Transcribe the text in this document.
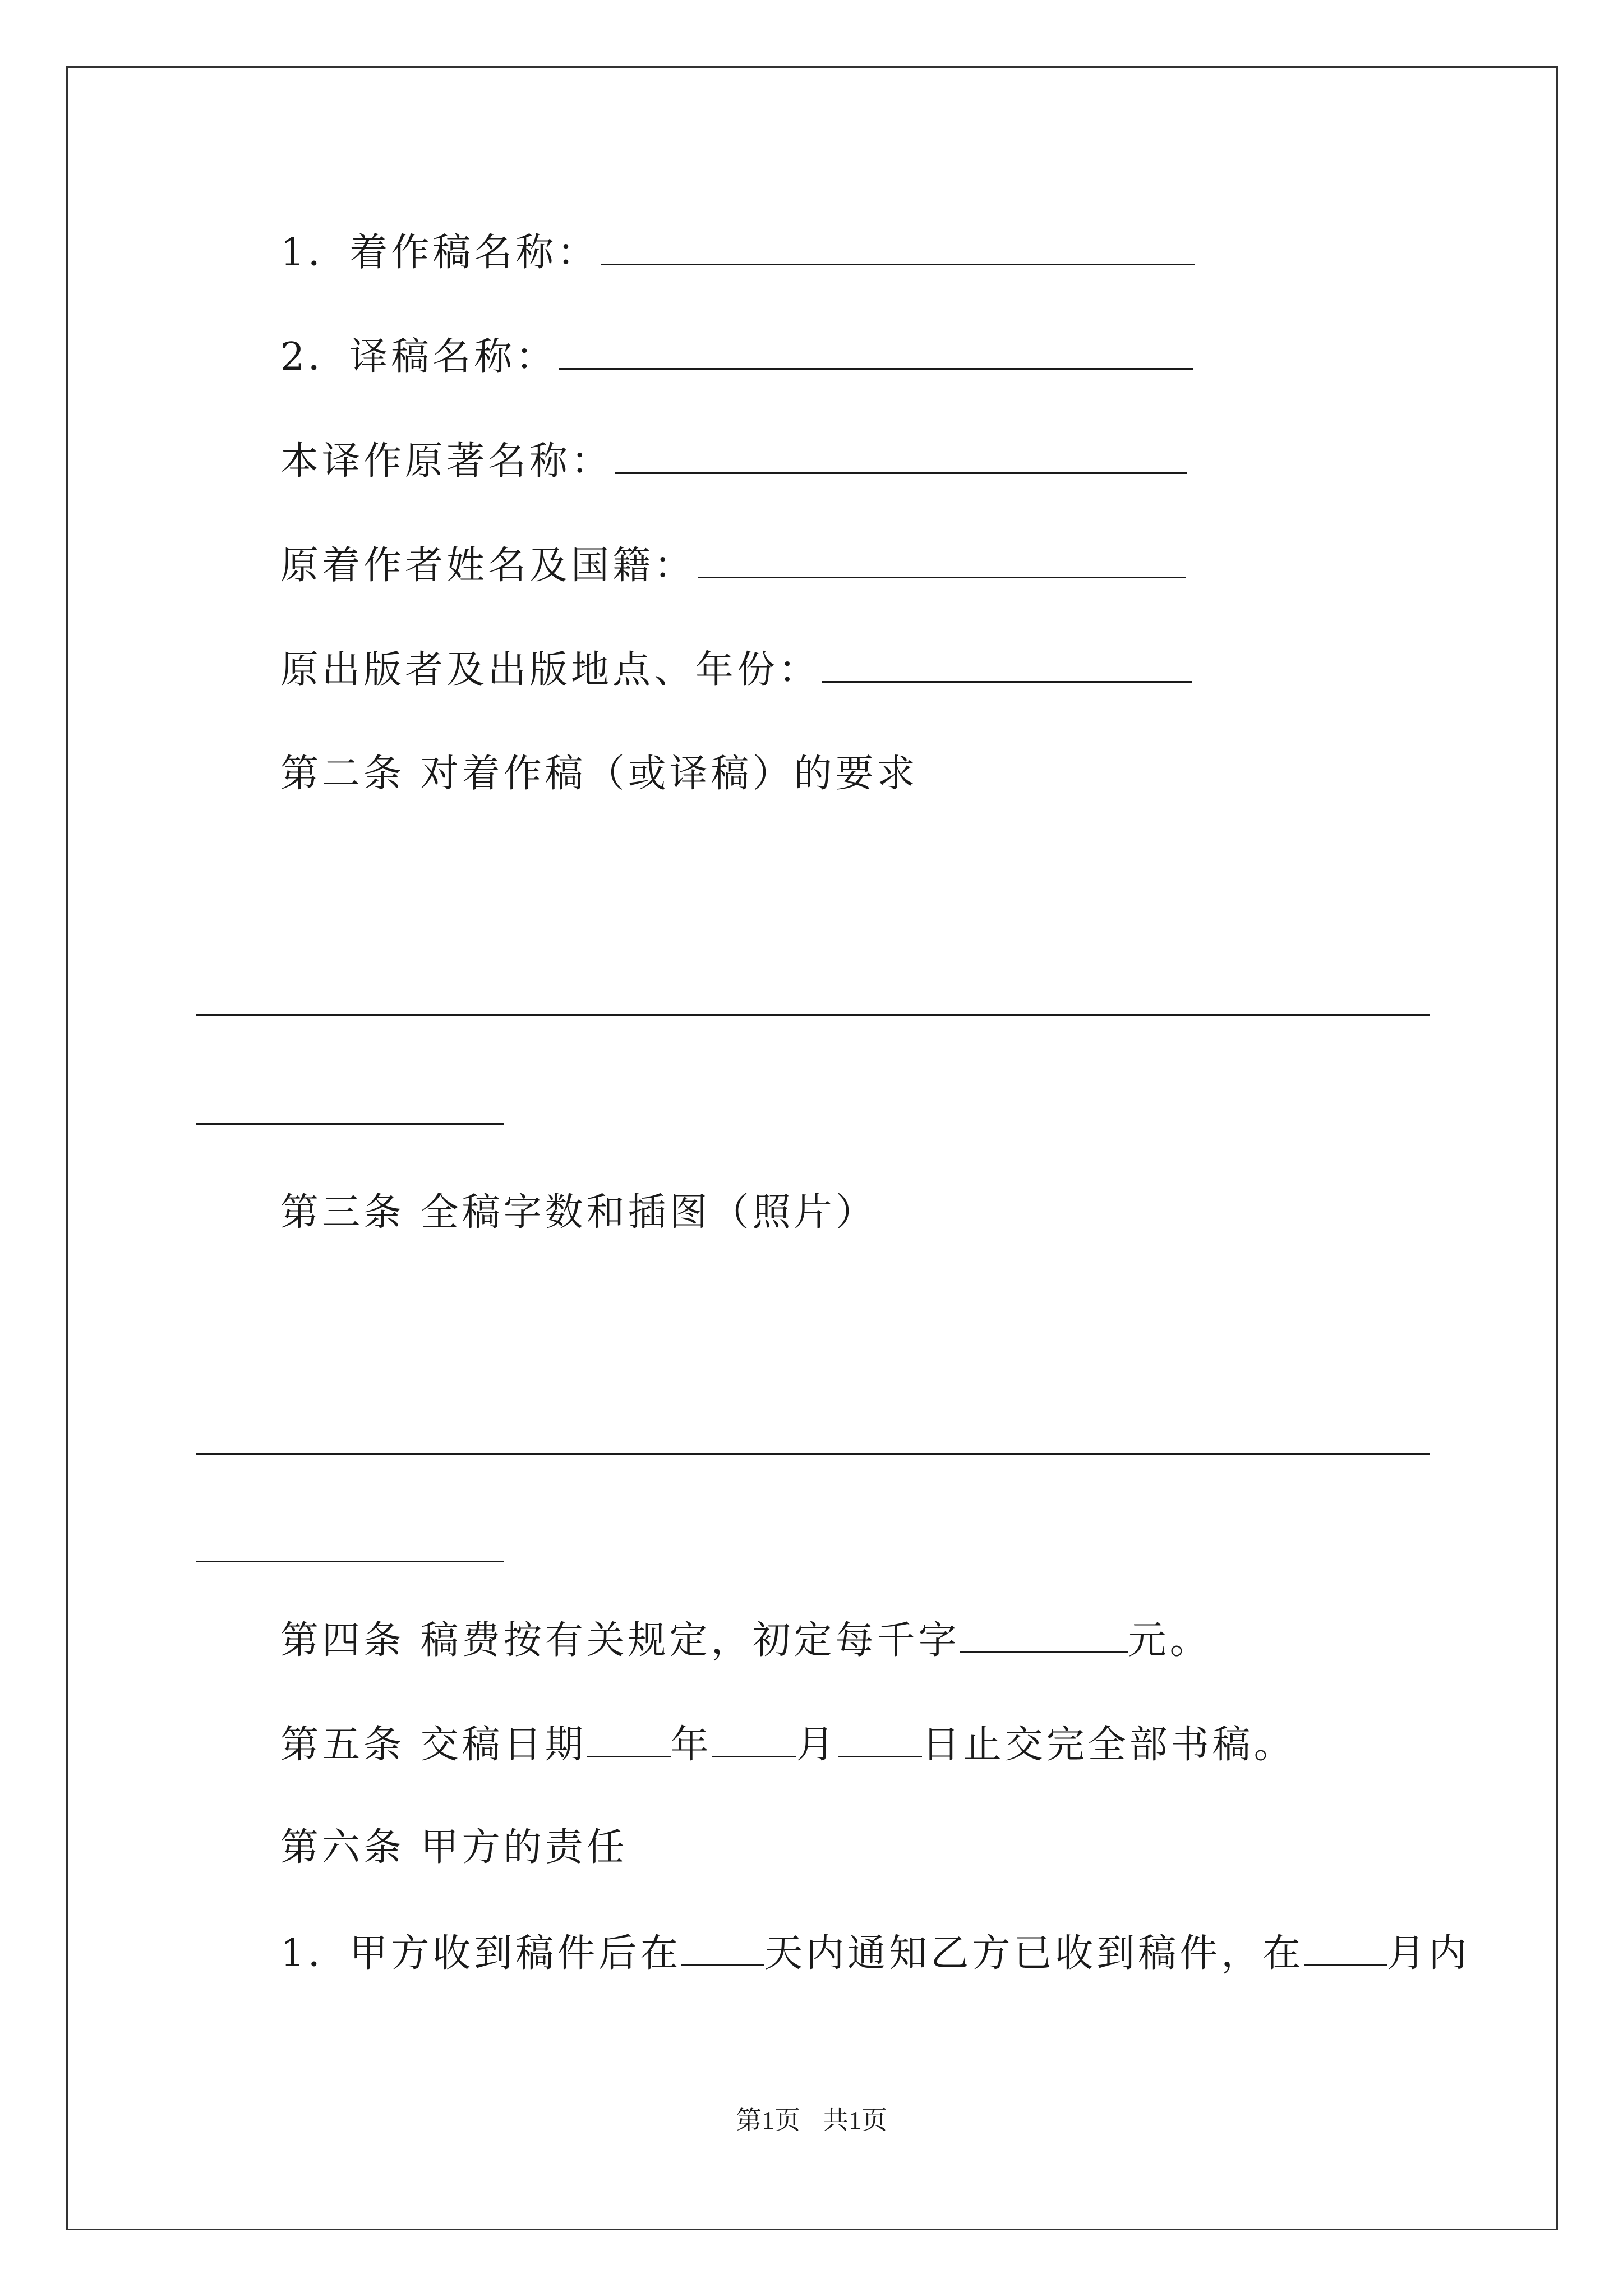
1．着作稿名称：
2．译稿名称：
本译作原著名称：
原着作者姓名及国籍：
原出版者及出版地点、年份：
第二条 对着作稿（或译稿）的要求
第三条 全稿字数和插图（照片）
第四条 稿费按有关规定，初定每千字	元。
第五条 交稿日期 年 月 日止交完全部书稿。
第六条 甲方的责任
1．甲方收到稿件后在 天内通知乙方已收到稿件，在 月内
第1页 共1页
